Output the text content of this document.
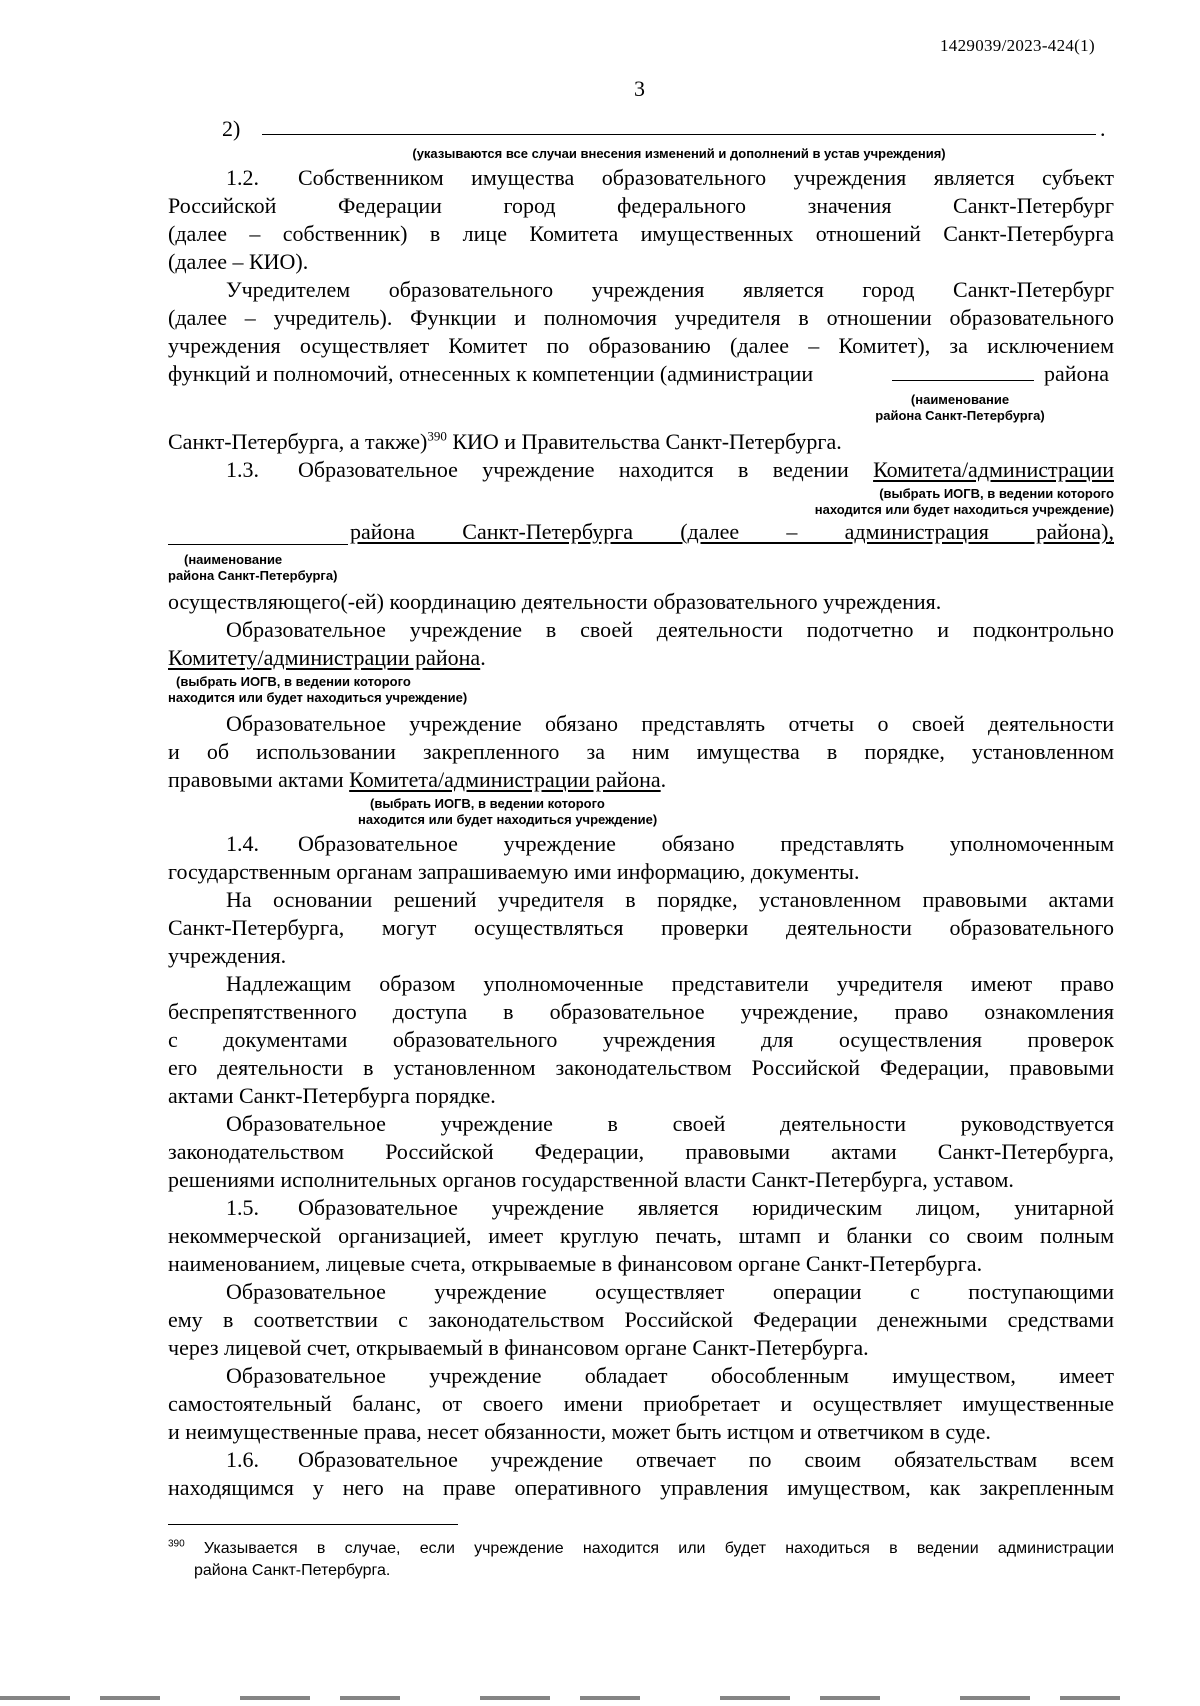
1429039/2023-424(1)
3
2)	.
(указываются все случаи внесения изменений и дополнений в устав учреждения)
1.2. Собственником имущества образовательного учреждения является субъект
Российской Федерации город федерального значения Санкт-Петербург
(далее – собственник) в лице Комитета имущественных отношений Санкт-Петербурга
(далее – КИО).
Учредителем образовательного учреждения является город Санкт-Петербург
(далее – учредитель). Функции и полномочия учредителя в отношении образовательного
учреждения осуществляет Комитет по образованию (далее – Комитет), за исключением
функций и полномочий, отнесенных к компетенции (администрации	района
(наименование
района Санкт-Петербурга)
Санкт-Петербурга, а также)$^{390}$ КИО и Правительства Санкт-Петербурга.
1.3. Образовательное учреждение находится в ведении Комитета/администрации
(выбрать ИОГВ, в ведении которого
находится или будет находиться учреждение)
района Санкт-Петербурга (далее – администрация района),
(наименование
района Санкт-Петербурга)
осуществляющего(-ей) координацию деятельности образовательного учреждения.
Образовательное учреждение в своей деятельности подотчетно и подконтрольно
Комитету/администрации района.
(выбрать ИОГВ, в ведении которого
находится или будет находиться учреждение)
Образовательное учреждение обязано представлять отчеты о своей деятельности
и об использовании закрепленного за ним имущества в порядке, установленном
правовыми актами Комитета/администрации района.
(выбрать ИОГВ, в ведении которого
находится или будет находиться учреждение)
1.4. Образовательное учреждение обязано представлять уполномоченным
государственным органам запрашиваемую ими информацию, документы.
На основании решений учредителя в порядке, установленном правовыми актами
Санкт-Петербурга, могут осуществляться проверки деятельности образовательного
учреждения.
Надлежащим образом уполномоченные представители учредителя имеют право
беспрепятственного доступа в образовательное учреждение, право ознакомления
с документами образовательного учреждения для осуществления проверок
его деятельности в установленном законодательством Российской Федерации, правовыми
актами Санкт-Петербурга порядке.
Образовательное учреждение в своей деятельности руководствуется
законодательством Российской Федерации, правовыми актами Санкт-Петербурга,
решениями исполнительных органов государственной власти Санкт-Петербурга, уставом.
1.5. Образовательное учреждение является юридическим лицом, унитарной
некоммерческой организацией, имеет круглую печать, штамп и бланки со своим полным
наименованием, лицевые счета, открываемые в финансовом органе Санкт-Петербурга.
Образовательное учреждение осуществляет операции с поступающими
ему в соответствии с законодательством Российской Федерации денежными средствами
через лицевой счет, открываемый в финансовом органе Санкт-Петербурга.
Образовательное учреждение обладает обособленным имуществом, имеет
самостоятельный баланс, от своего имени приобретает и осуществляет имущественные
и неимущественные права, несет обязанности, может быть истцом и ответчиком в суде.
1.6. Образовательное учреждение отвечает по своим обязательствам всем
находящимся у него на праве оперативного управления имуществом, как закрепленным
$^{390}$ Указывается в случае, если учреждение находится или будет находиться в ведении администрации
района Санкт-Петербурга.
